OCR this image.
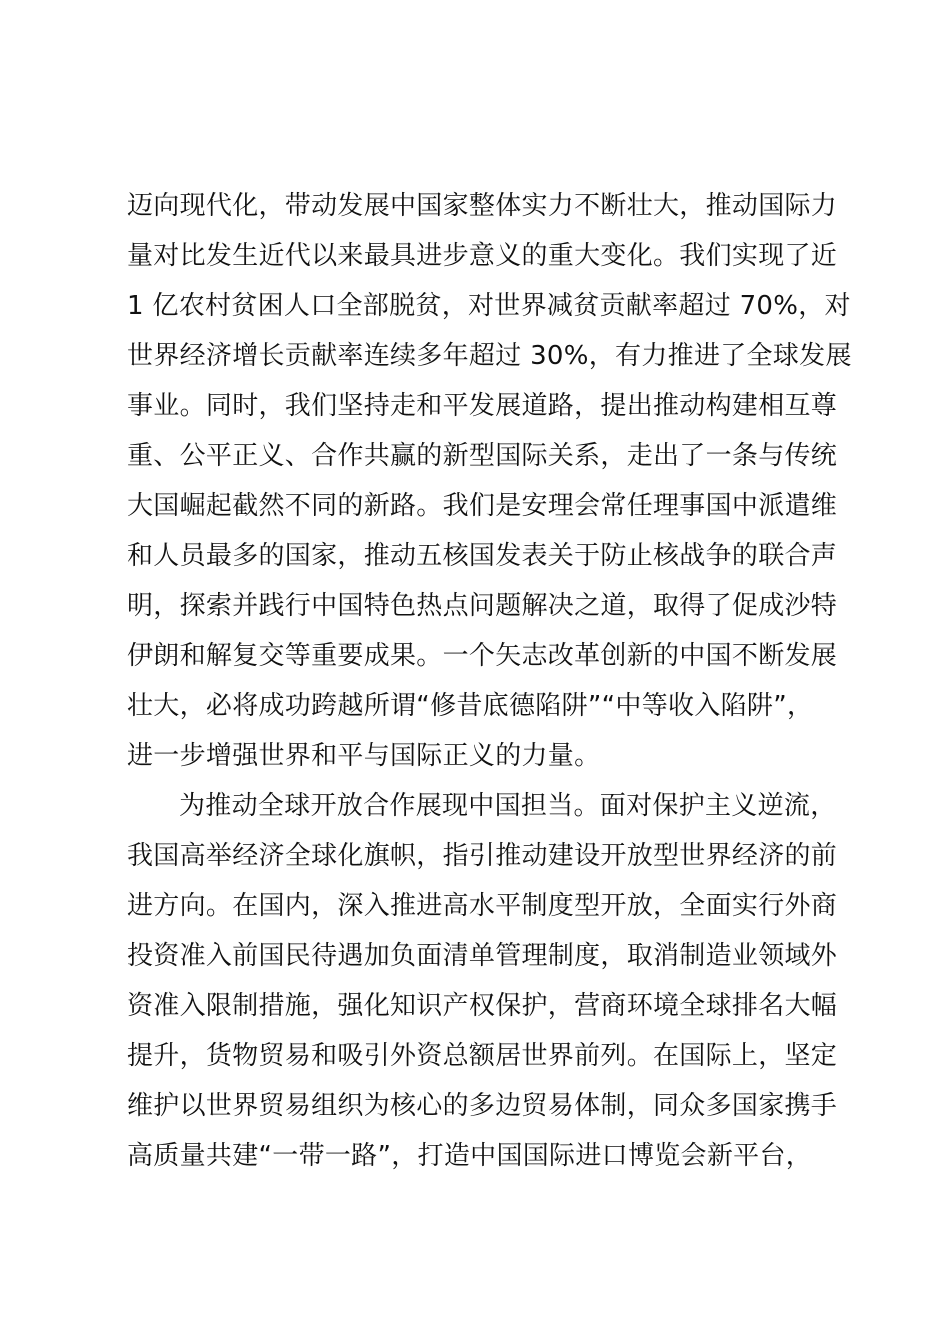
迈向现代化，带动发展中国家整体实力不断壮大，推动国际力
量对比发生近代以来最具进步意义的重大变化。我们实现了近
1 亿农村贫困人口全部脱贫，对世界减贫贡献率超过 70%，对
世界经济增长贡献率连续多年超过 30%，有力推进了全球发展
事业。同时，我们坚持走和平发展道路，提出推动构建相互尊
重、公平正义、合作共赢的新型国际关系，走出了一条与传统
大国崛起截然不同的新路。我们是安理会常任理事国中派遣维
和人员最多的国家，推动五核国发表关于防止核战争的联合声
明，探索并践行中国特色热点问题解决之道，取得了促成沙特
伊朗和解复交等重要成果。一个矢志改革创新的中国不断发展
壮大，必将成功跨越所谓“修昔底德陷阱”“中等收入陷阱”，
进一步增强世界和平与国际正义的力量。
为推动全球开放合作展现中国担当。面对保护主义逆流，
我国高举经济全球化旗帜，指引推动建设开放型世界经济的前
进方向。在国内，深入推进高水平制度型开放，全面实行外商
投资准入前国民待遇加负面清单管理制度，取消制造业领域外
资准入限制措施，强化知识产权保护，营商环境全球排名大幅
提升，货物贸易和吸引外资总额居世界前列。在国际上，坚定
维护以世界贸易组织为核心的多边贸易体制，同众多国家携手
高质量共建“一带一路”，打造中国国际进口博览会新平台，
